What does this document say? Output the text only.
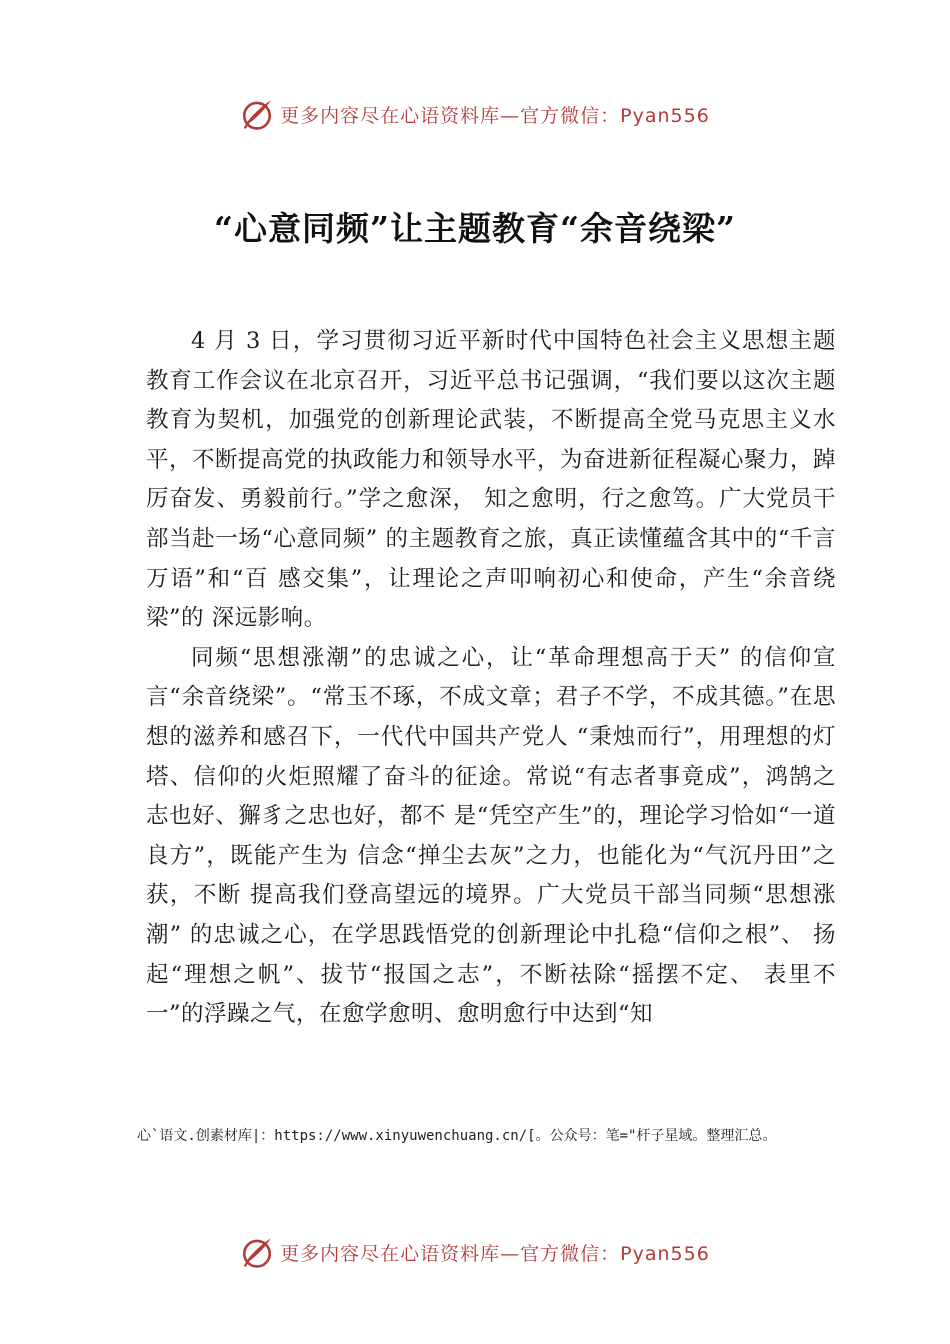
更多内容尽在心语资料库—官方微信：Pyan556
“心意同频”让主题教育“余音绕梁”

4 月 3 日，学习贯彻习近平新时代中国特色社会主义思想主题教育工作会议在北京召开，习近平总书记强调，“我们要以这次主题教育为契机，加强党的创新理论武装，不断提高全党马克思主义水平，不断提高党的执政能力和领导水平，为奋进新征程凝心聚力，踔厉奋发、勇毅前行。”学之愈深， 知之愈明，行之愈笃。广大党员干部当赴一场“心意同频” 的主题教育之旅，真正读懂蕴含其中的“千言万语”和“百 感交集”，让理论之声叩响初心和使命，产生“余音绕梁”的 深远影响。

同频“思想涨潮”的忠诚之心，让“革命理想高于天” 的信仰宣言“余音绕梁”。“常玉不琢，不成文章；君子不学，不成其德。”在思想的滋养和感召下，一代代中国共产党人 “秉烛而行”，用理想的灯塔、信仰的火炬照耀了奋斗的征途。常说“有志者事竟成”，鸿鹄之志也好、獬豸之忠也好，都不 是“凭空产生”的，理论学习恰如“一道良方”，既能产生为 信念“掸尘去灰”之力，也能化为“气沉丹田”之获，不断 提高我们登高望远的境界。广大党员干部当同频“思想涨潮” 的忠诚之心，在学思践悟党的创新理论中扎稳“信仰之根”、 扬起“理想之帆”、拔节“报国之志”，不断祛除“摇摆不定、 表里不一”的浮躁之气，在愈学愈明、愈明愈行中达到“知

心`语文.创素材库|：https://www.xinyuwenchuang.cn/[。公众号：笔="杆子星域。整理汇总。

更多内容尽在心语资料库—官方微信：Pyan556
